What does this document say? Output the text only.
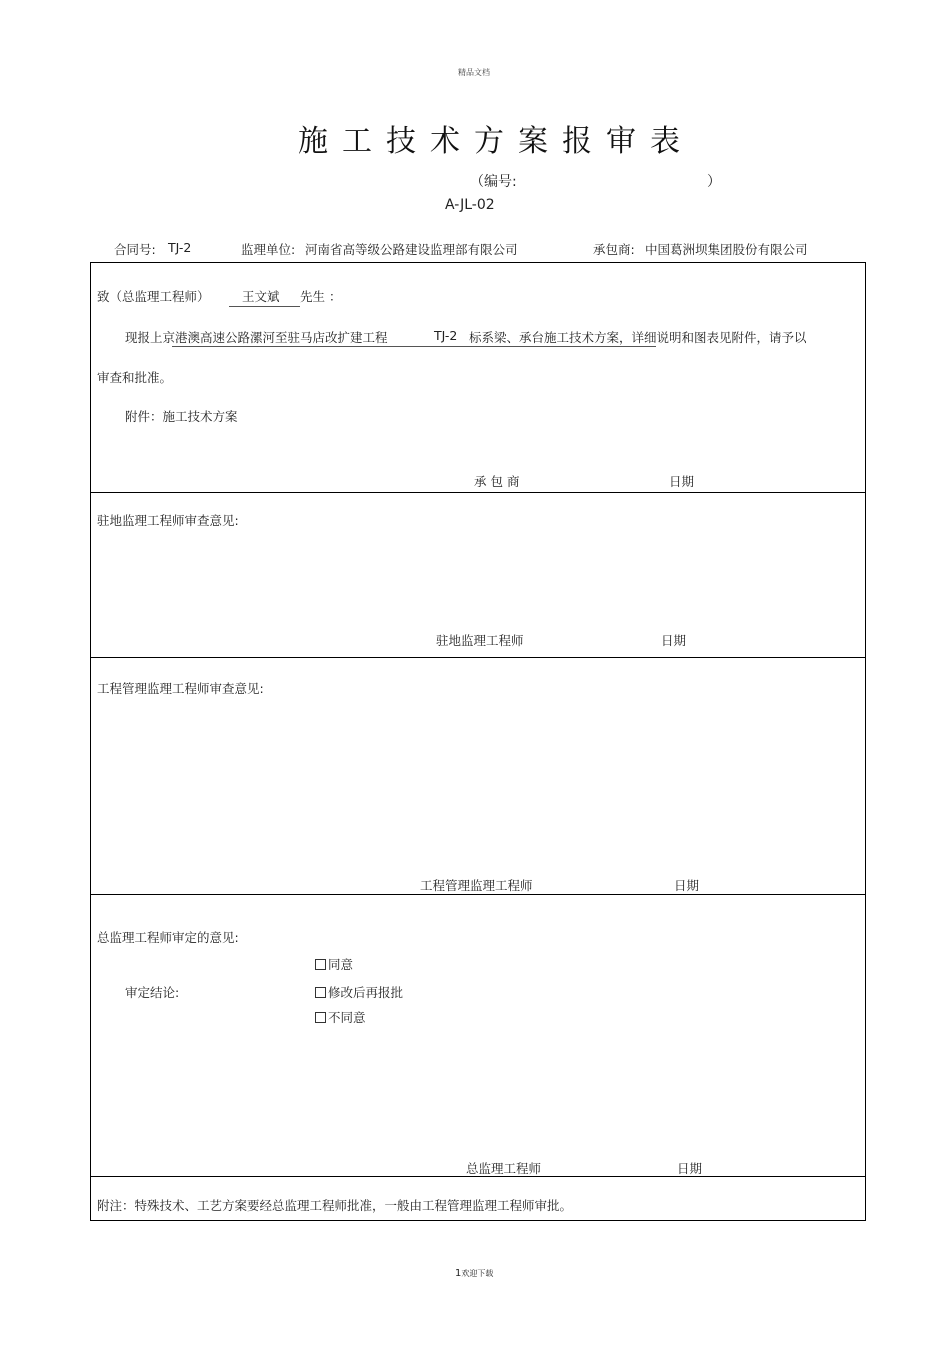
精品文档
施工技术方案报审表
（编号:	）
A-JL-02
合同号: TJ-2	监理单位: 河南省高等级公路建设监理部有限公司	承包商: 中国葛洲坝集团股份有限公司
致（总监理工程师）	王文斌 先生 ：
现报上京港澳高速公路漯河至驻马店改扩建工程	TJ-2 标系梁、承台施工技术方案，详细说明和图表见附件，请予以
审查和批准。
附件：施工技术方案
承 包 商	日期
驻地监理工程师审查意见:
驻地监理工程师	日期
工程管理监理工程师审查意见:
工程管理监理工程师	日期
总监理工程师审定的意见:
审定结论:
同意
修改后再报批
不同意
总监理工程师	日期
附注：特殊技术、工艺方案要经总监理工程师批准，一般由工程管理监理工程师审批。
1欢迎下载
